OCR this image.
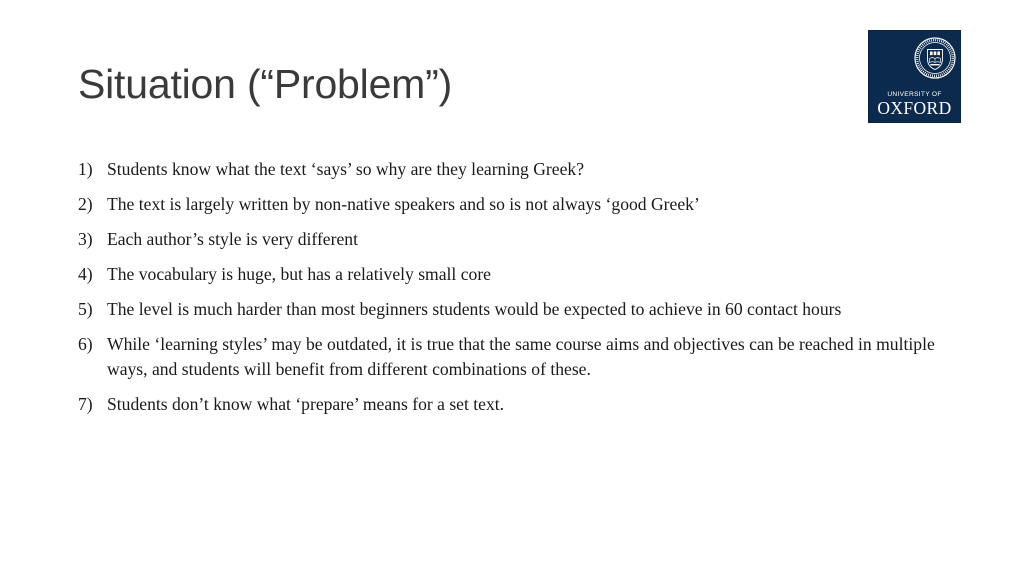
Situation (“Problem”)	UNIVERSITY OF
OXFORD
1) Students know what the text ‘says’ so why are they learning Greek?
2) The text is largely written by non-native speakers and so is not always ‘good Greek’
3) Each author’s style is very different
4) The vocabulary is huge, but has a relatively small core
5) The level is much harder than most beginners students would be expected to achieve in 60 contact hours
6) While ‘learning styles’ may be outdated, it is true that the same course aims and objectives can be reached in multiple ways, and students will benefit from different combinations of these.
7) Students don’t know what ‘prepare’ means for a set text.
